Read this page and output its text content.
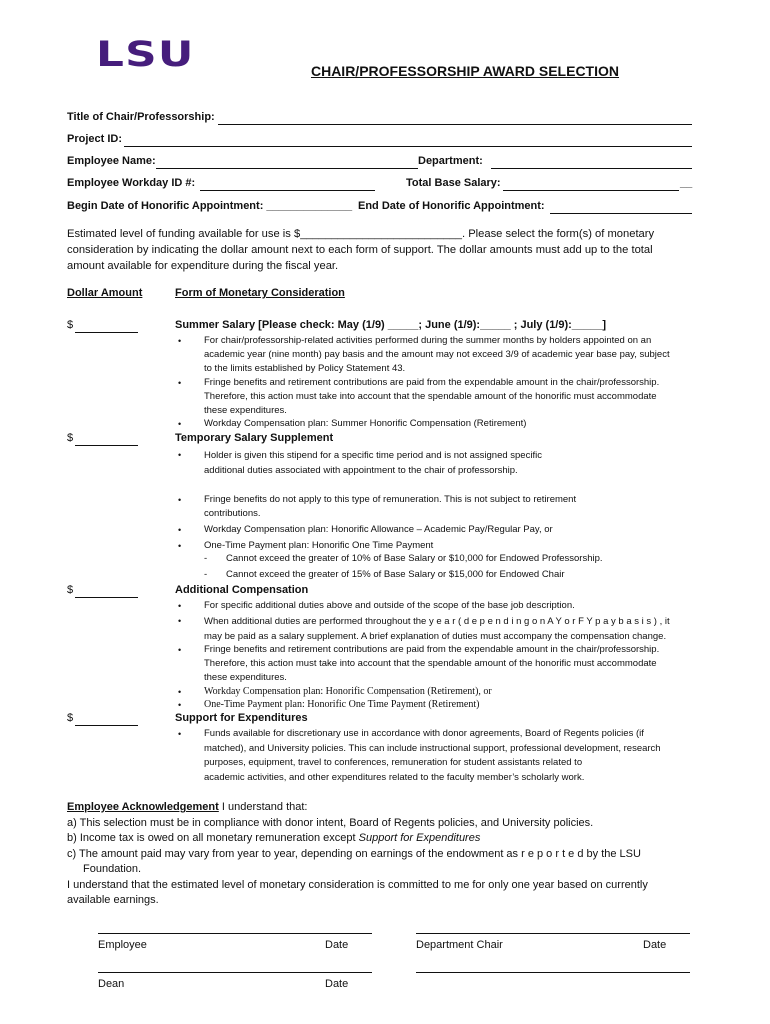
LSU	CHAIR/PROFESSORSHIP AWARD SELECTION
Title of Chair/Professorship:
Project ID:
Employee Name:	Department:
Employee Workday ID #:	Total Base Salary:	__
Begin Date of Honorific Appointment: ______________ End Date of Honorific Appointment:
Estimated level of funding available for use is $__________________________. Please select the form(s) of monetary
consideration by indicating the dollar amount next to each form of support. The dollar amounts must add up to the total
amount available for expenditure during the fiscal year.
Dollar Amount	Form of Monetary Consideration
$	Summer Salary [Please check: May (1/9) _____; June (1/9):_____ ; July (1/9):_____]
• For chair/professorship-related activities performed during the summer months by holders appointed on an
academic year (nine month) pay basis and the amount may not exceed 3/9 of academic year base pay, subject
to the limits established by Policy Statement 43.
• Fringe benefits and retirement contributions are paid from the expendable amount in the chair/professorship.
Therefore, this action must take into account that the spendable amount of the honorific must accommodate
these expenditures.
• Workday Compensation plan: Summer Honorific Compensation (Retirement)
$	Temporary Salary Supplement
• Holder is given this stipend for a specific time period and is not assigned specific
additional duties associated with appointment to the chair of professorship.
• Fringe benefits do not apply to this type of remuneration. This is not subject to retirement
contributions.
• Workday Compensation plan: Honorific Allowance – Academic Pay/Regular Pay, or
• One-Time Payment plan: Honorific One Time Payment
- Cannot exceed the greater of 10% of Base Salary or $10,000 for Endowed Professorship.
- Cannot exceed the greater of 15% of Base Salary or $15,000 for Endowed Chair
$	Additional Compensation
• For specific additional duties above and outside of the scope of the base job description.
• When additional duties are performed throughout the y e a r ( d e p e n d i n g o n A Y o r F Y p a y b a s i s ) , it
may be paid as a salary supplement. A brief explanation of duties must accompany the compensation change.
• Fringe benefits and retirement contributions are paid from the expendable amount in the chair/professorship.
Therefore, this action must take into account that the spendable amount of the honorific must accommodate
these expenditures.
• Workday Compensation plan: Honorific Compensation (Retirement), or
• One-Time Payment plan: Honorific One Time Payment (Retirement)
$	Support for Expenditures
• Funds available for discretionary use in accordance with donor agreements, Board of Regents policies (if
matched), and University policies. This can include instructional support, professional development, research
purposes, equipment, travel to conferences, remuneration for student assistants related to
academic activities, and other expenditures related to the faculty member’s scholarly work.
Employee Acknowledgement I understand that:
a) This selection must be in compliance with donor intent, Board of Regents policies, and University policies.
b) Income tax is owed on all monetary remuneration except Support for Expenditures
c) The amount paid may vary from year to year, depending on earnings of the endowment as r e p o r t e d by the LSU
Foundation.
I understand that the estimated level of monetary consideration is committed to me for only one year based on currently
available earnings.
Employee	Date	Department Chair	Date
Dean	Date
